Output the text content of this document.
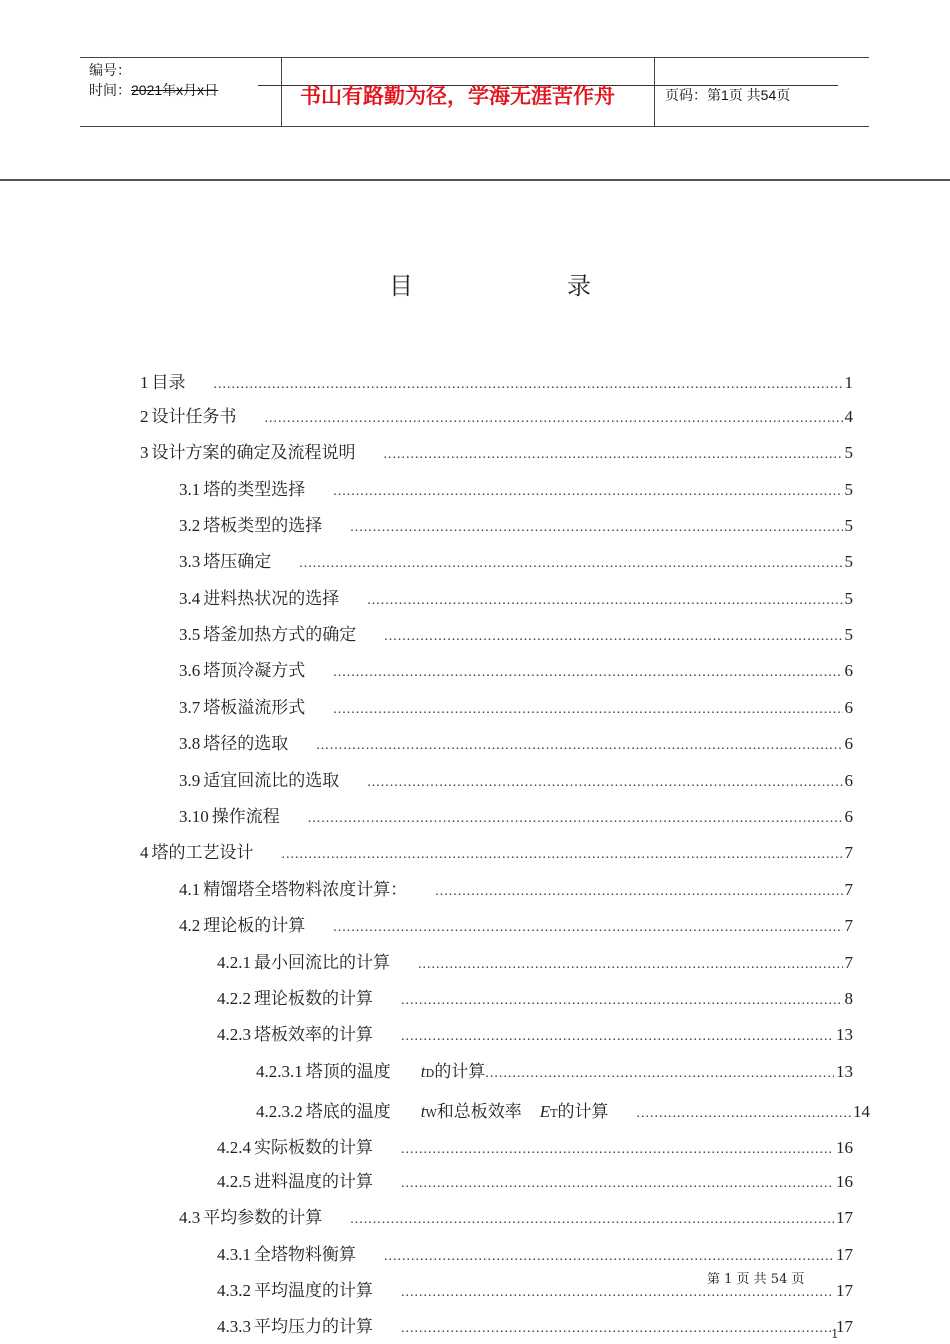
编号：
时间：2021年x月x日	书山有路勤为径，学海无涯苦作舟	页码：第1页 共54页
目	录
1 目录 .....	1
2 设计任务书 .....	4
3 设计方案的确定及流程说明 .....	5
3.1 塔的类型选择 .....	5
3.2 塔板类型的选择 .....	5
3.3 塔压确定 .....	5
3.4 进料热状况的选择 .....	5
3.5 塔釜加热方式的确定 .....	5
3.6 塔顶冷凝方式 .....	6
3.7 塔板溢流形式 .....	6
3.8 塔径的选取 .....	6
3.9 适宜回流比的选取 .....	6
3.10 操作流程 .....	6
4 塔的工艺设计 .....	7
4.1 精馏塔全塔物料浓度计算： .....	7
4.2 理论板的计算 .....	7
4.2.1 最小回流比的计算 .....	7
4.2.2 理论板数的计算 .....	8
4.2.3 塔板效率的计算 .....	13
4.2.3.1 塔顶的温度 tD的计算 .....	13
4.2.3.2 塔底的温度 tW和总板效率 ET的计算 .....	14
4.2.4 实际板数的计算 .....	16
4.2.5 进料温度的计算 .....	16
4.3 平均参数的计算 .....	17
4.3.1 全塔物料衡算 .....	17
4.3.2 平均温度的计算 .....	17
4.3.3 平均压力的计算 .....	17
第 1 页 共 54 页
1
